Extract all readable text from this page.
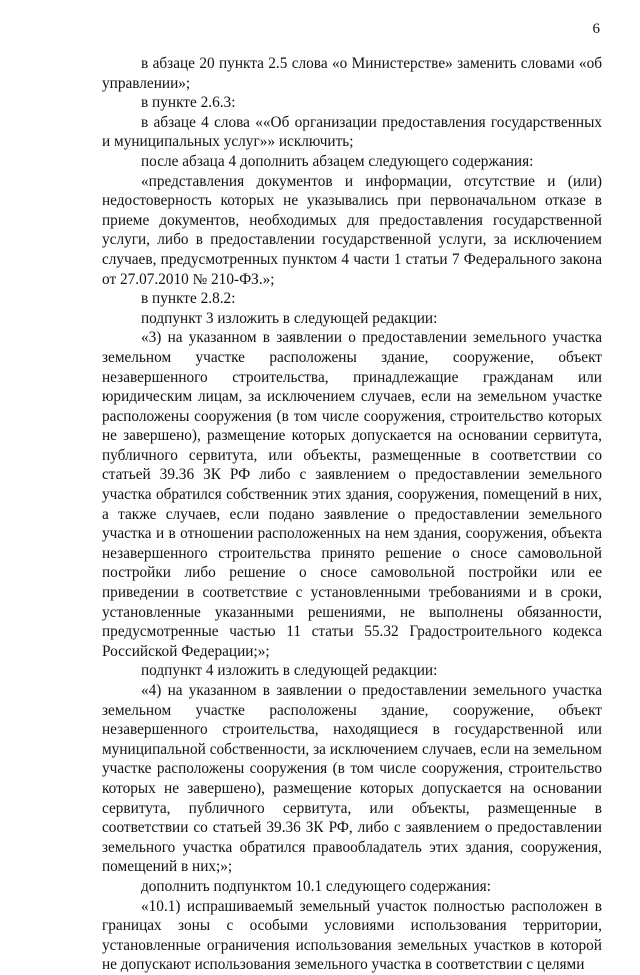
6

в абзаце 20 пункта 2.5 слова «о Министерстве» заменить словами «об управлении»;

в пункте 2.6.3:

в абзаце 4 слова ««Об организации предоставления государственных и муниципальных услуг»» исключить;

после абзаца 4 дополнить абзацем следующего содержания:

«представления документов и информации, отсутствие и (или) недостоверность которых не указывались при первоначальном отказе в приеме документов, необходимых для предоставления государственной услуги, либо в предоставлении государственной услуги, за исключением случаев, предусмотренных пунктом 4 части 1 статьи 7 Федерального закона от 27.07.2010 № 210-ФЗ.»;

в пункте 2.8.2:

подпункт 3 изложить в следующей редакции:

«3) на указанном в заявлении о предоставлении земельного участка земельном участке расположены здание, сооружение, объект незавершенного строительства, принадлежащие гражданам или юридическим лицам, за исключением случаев, если на земельном участке расположены сооружения (в том числе сооружения, строительство которых не завершено), размещение которых допускается на основании сервитута, публичного сервитута, или объекты, размещенные в соответствии со статьей 39.36 ЗК РФ либо с заявлением о предоставлении земельного участка обратился собственник этих здания, сооружения, помещений в них, а также случаев, если подано заявление о предоставлении земельного участка и в отношении расположенных на нем здания, сооружения, объекта незавершенного строительства принято решение о сносе самовольной постройки либо решение о сносе самовольной постройки или ее приведении в соответствие с установленными требованиями и в сроки, установленные указанными решениями, не выполнены обязанности, предусмотренные частью 11 статьи 55.32 Градостроительного кодекса Российской Федерации;»;

подпункт 4 изложить в следующей редакции:

«4) на указанном в заявлении о предоставлении земельного участка земельном участке расположены здание, сооружение, объект незавершенного строительства, находящиеся в государственной или муниципальной собственности, за исключением случаев, если на земельном участке расположены сооружения (в том числе сооружения, строительство которых не завершено), размещение которых допускается на основании сервитута, публичного сервитута, или объекты, размещенные в соответствии со статьей 39.36 ЗК РФ, либо с заявлением о предоставлении земельного участка обратился правообладатель этих здания, сооружения, помещений в них;»;

дополнить подпунктом 10.1 следующего содержания:

«10.1) испрашиваемый земельный участок полностью расположен в границах зоны с особыми условиями использования территории, установленные ограничения использования земельных участков в которой не допускают использования земельного участка в соответствии с целями
